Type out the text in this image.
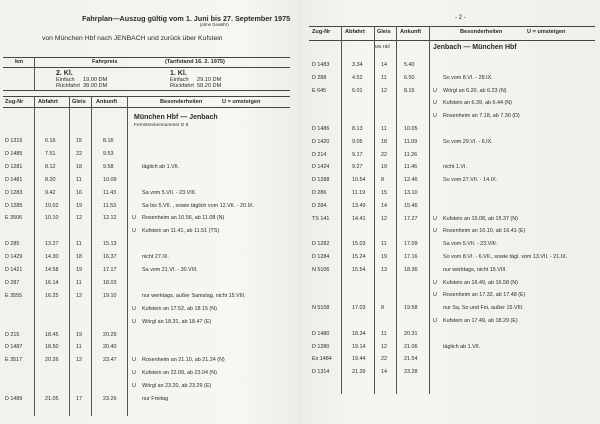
Fahrplan—Auszug gültig vom 1. Juni bis 27. September 1975
(ohne Gewähr)
von München Hbf nach JENBACH und zurück über Kufstein
km	Fahrpreis	(Tarifstand 16. 2. 1975)
2. Kl.
Einfach 19.00 DM
Rückfahrt 38.00 DM
1. Kl.
Einfach 29.10 DM
Rückfahrt 58.20 DM
Zug-Nr	Abfahrt	Gleis Ankunft	Besonderheiten	U = umsteigen
München Hbf — Jenbach
Fernstreckennummer D 5
D 1315	6.16	15	8.16
D 1485	7.51	22	9.53
D 1281	8.12	18	9.58	täglich ab 1.VII.
D 1481	8.20	11	10.09
D 1283	9.42	16	11.43	Sa vom 5.VII. - 23.VIII.
D 1285	10.02	19	11.53	Sa bis 5.VII. , sowie täglich vom 12.VII. - 20.IX.
E 3506	10.10	12	12.12	U Rosenheim an 10.56, ab 11.08 (N)
U Kufstein an 11.41, ab 11.51 (TS)
D 285	13.27	11	15.13
D 1429	14.30	18	16.37	nicht 27.IX.
D 1421	14.58	19	17.17	Sa vom 21.VI. - 30.VIII.
D 287	16.14	11	18.03
E 3555	16.25	12	19.10	nur werktags, außer Samstag, nicht 15.VIII.
U Kufstein an 17.52, ab 18.15 (N)
U Wörgl an 18.31, ab 18.47 (E)
D 215	18.45	19	20.29
D 1487	18.50	11	20.40
E 3517	20.26	12	23.47	U Rosenheim an 21.10, ab 21.24 (N)
U Kufstein an 22.09, ab 23.04 (N)
U Wörgl an 23.20, ab 23.29 (E)
D 1489	21.05	17	23.26	nur Freitag
- 2 -
Zug-Nr	Abfahrt Gleis Ankunft	Besonderheiten	U = umsteigen
Mü Hbf	Jenbach — München Hbf
D 1483	3.34	14	5.40
D 288	4.52	11	6.50	So vom 8.VI. - 28.IX.
E 645	6.01	12	8.15	U Wörgl an 6.20, ab 6.23 (N)
U Kufstein an 6.39, ab 6.44 (N)
U Rosenheim an 7.18, ab 7.30 (D)
D 1486	8.13	11	10.05
D 1420	9.05	18	11.09	So vom 29.VI. - 6.IX.
D 214	9.17	22	11.26
D 1424	9.27	19	11.46	nicht 1.VI.
D 1288	10.54	8	12.46	So vom 27.VII. - 14.IX.
D 286	11.19	15	13.10
D 284	13.49	14	15.46
TS 141	14.41	12	17.27	U Kufstein an 15.08, ab 15.37 (N)
U Rosenheim an 16.10, ab 16.41 (E)
D 1282	15.03	11	17.09	Sa vom 5.VII. - 23.VIII.
D 1284	15.24	19	17.16	So vom 8.VI. - 6.VII., sowie tägl. vom 13.VII. - 21.IX.
N 5106	15.54	13	18.36	nur werktags, nicht 15.VIII.
U Kufstein an 16.49, ab 16.58 (N)
U Rosenheim an 17.32, ab 17.48 (E)
N 5108	17.03	8	19.58	nur Sa, So und Fei, außer 15.VIII.
U Kufstein an 17.49, ab 18.29 (E)
D 1480	18.34	11	20.31
D 1280	19.14	12	21.06	täglich ab 1.VII.
Ex 1484	19.44	22	21.54
D 1314	21.39	14	23.28
